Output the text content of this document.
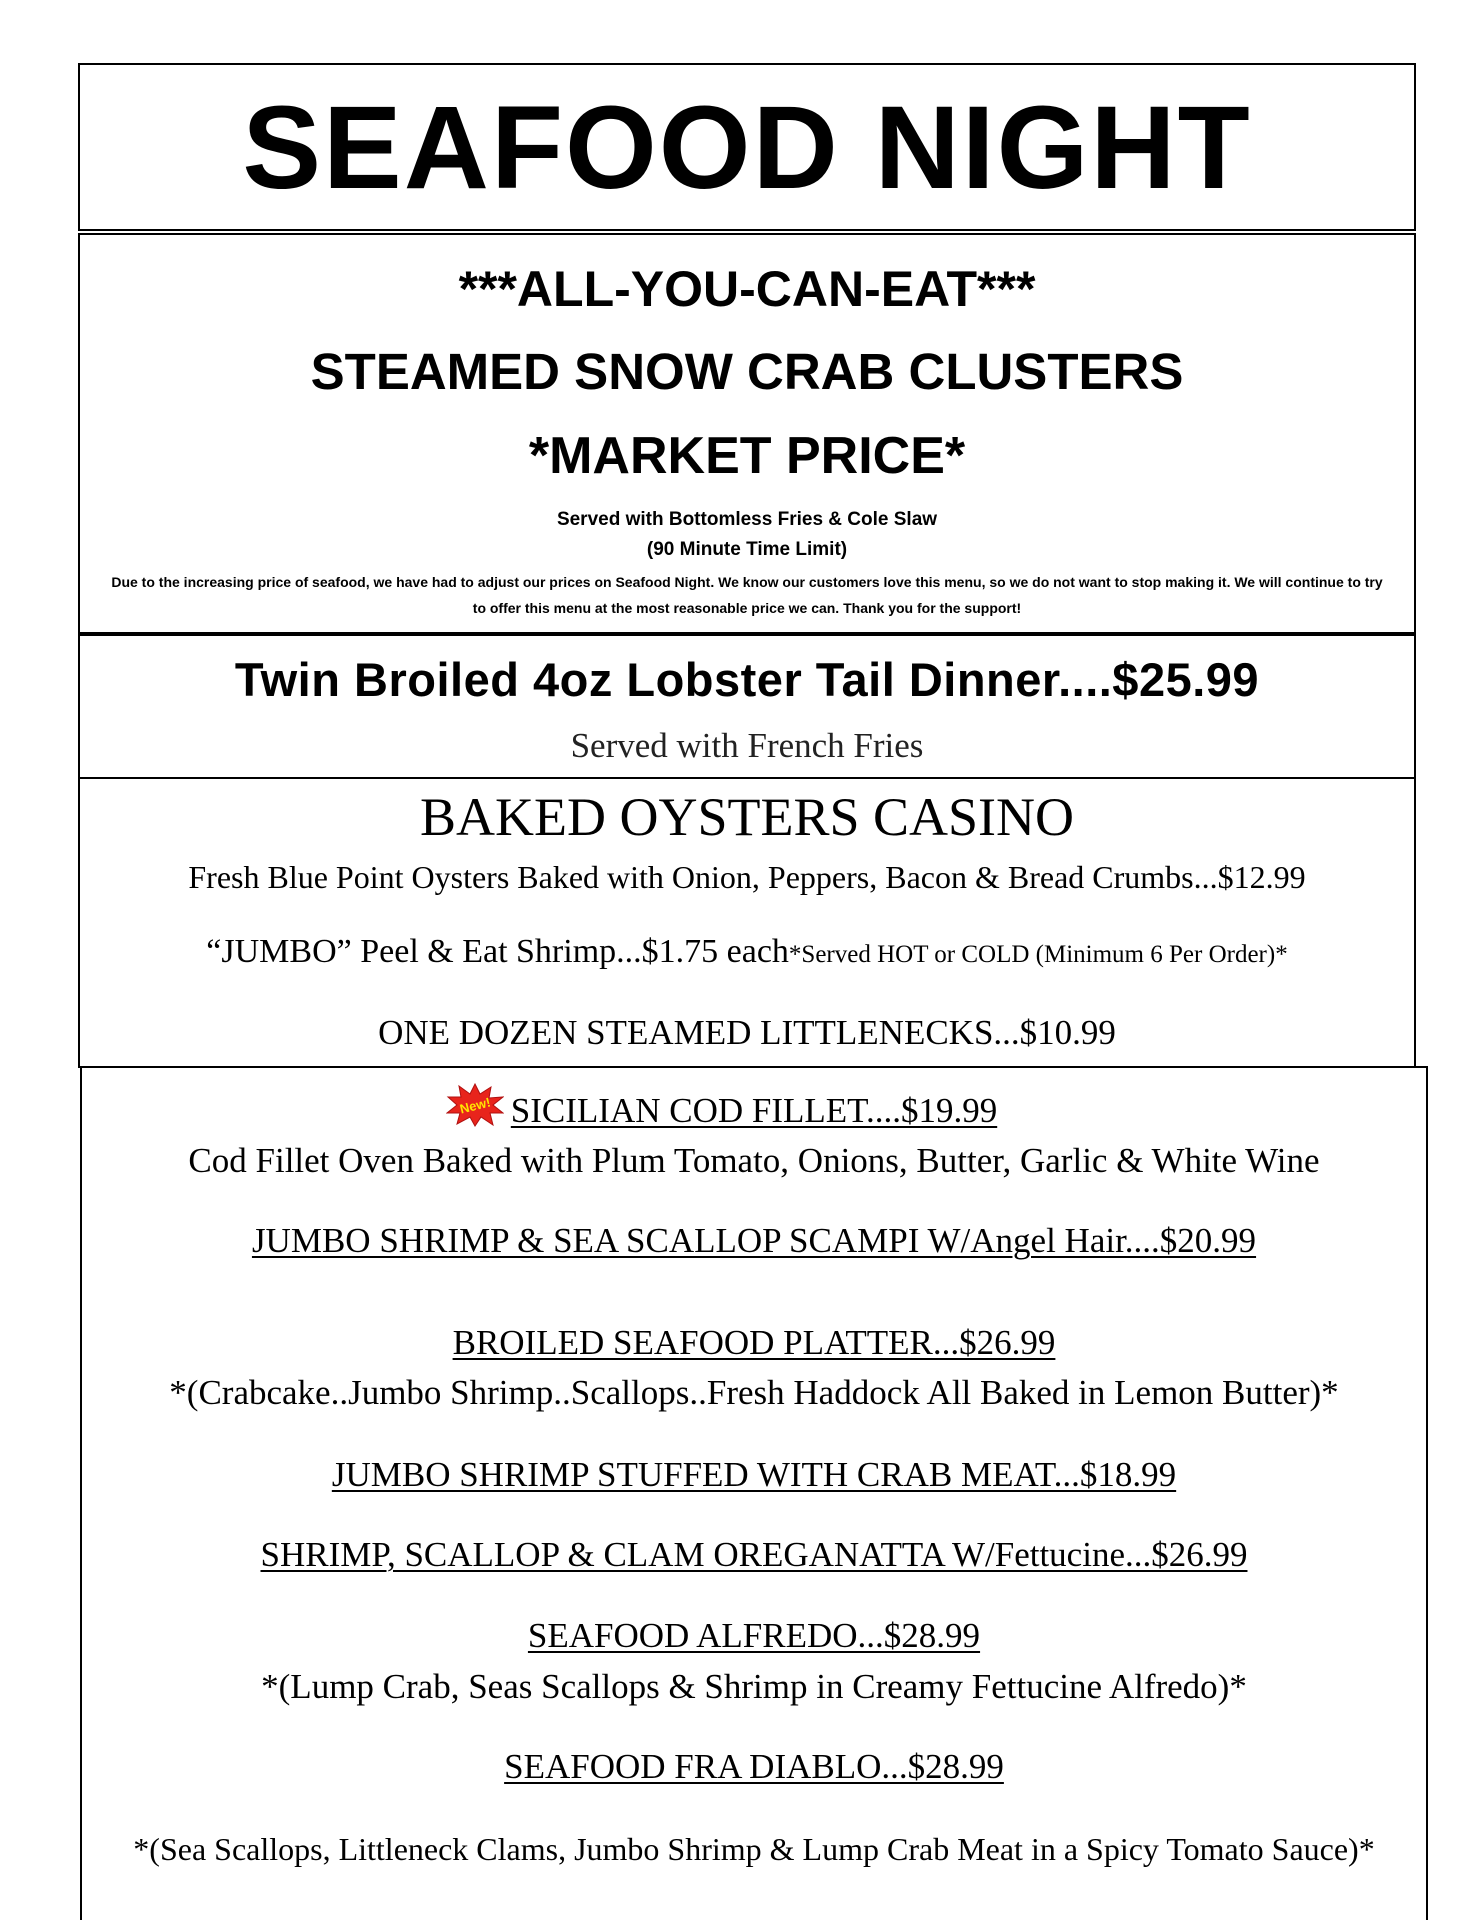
SEAFOOD NIGHT
***ALL-YOU-CAN-EAT***
STEAMED SNOW CRAB CLUSTERS
*MARKET PRICE*
Served with Bottomless Fries & Cole Slaw
(90 Minute Time Limit)
Due to the increasing price of seafood, we have had to adjust our prices on Seafood Night. We know our customers love this menu, so we do not want to stop making it. We will continue to try to offer this menu at the most reasonable price we can. Thank you for the support!
Twin Broiled 4oz Lobster Tail Dinner....$25.99
Served with French Fries
BAKED OYSTERS CASINO
Fresh Blue Point Oysters Baked with Onion, Peppers, Bacon & Bread Crumbs...$12.99
“JUMBO” Peel & Eat Shrimp...$1.75 each*Served HOT or COLD (Minimum 6 Per Order)*
ONE DOZEN STEAMED LITTLENECKS...$10.99
New! SICILIAN COD FILLET....$19.99
Cod Fillet Oven Baked with Plum Tomato, Onions, Butter, Garlic & White Wine
JUMBO SHRIMP & SEA SCALLOP SCAMPI W/Angel Hair....$20.99
BROILED SEAFOOD PLATTER...$26.99
*(Crabcake..Jumbo Shrimp..Scallops..Fresh Haddock All Baked in Lemon Butter)*
JUMBO SHRIMP STUFFED WITH CRAB MEAT...$18.99
SHRIMP, SCALLOP & CLAM OREGANATTA W/Fettucine...$26.99
SEAFOOD ALFREDO...$28.99
*(Lump Crab, Seas Scallops & Shrimp in Creamy Fettucine Alfredo)*
SEAFOOD FRA DIABLO...$28.99
*(Sea Scallops, Littleneck Clams, Jumbo Shrimp & Lump Crab Meat in a Spicy Tomato Sauce)*
